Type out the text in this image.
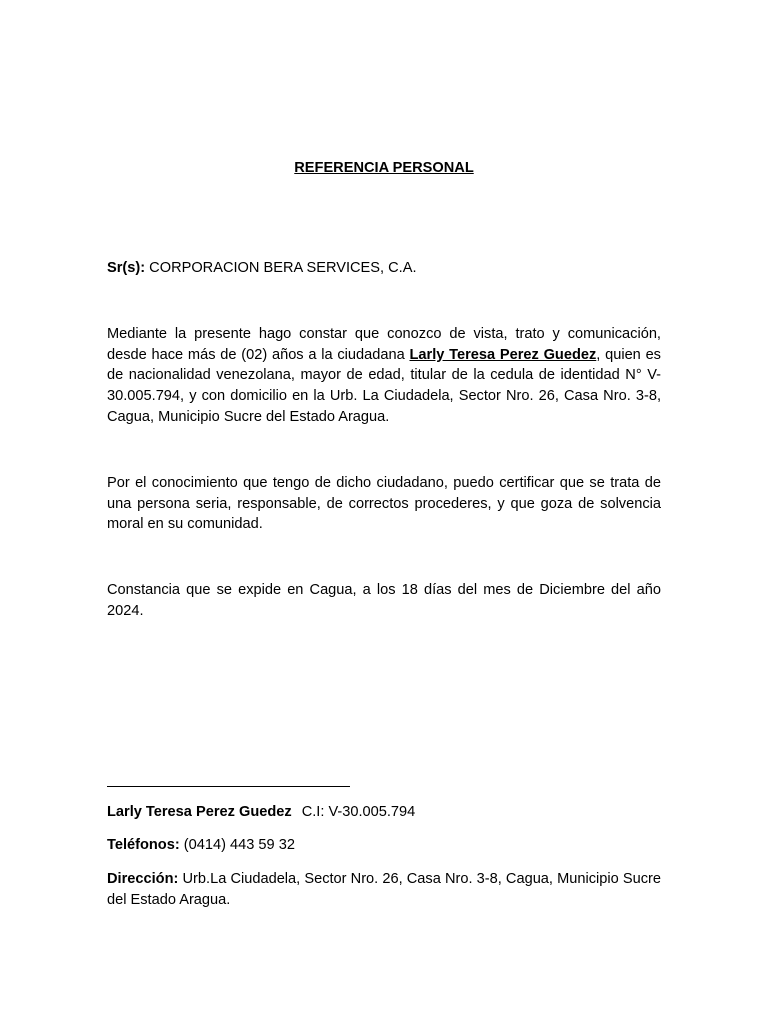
REFERENCIA PERSONAL

Sr(s): CORPORACION BERA SERVICES, C.A.

Mediante la presente hago constar que conozco de vista, trato y comunicación, desde hace más de (02) años a la ciudadana Larly Teresa Perez Guedez, quien es de nacionalidad venezolana, mayor de edad, titular de la cedula de identidad N° V-30.005.794, y con domicilio en la Urb. La Ciudadela, Sector Nro. 26, Casa Nro. 3-8, Cagua, Municipio Sucre del Estado Aragua.

Por el conocimiento que tengo de dicho ciudadano, puedo certificar que se trata de una persona seria, responsable, de correctos procederes, y que goza de solvencia moral en su comunidad.

Constancia que se expide en Cagua, a los 18 días del mes de Diciembre del año 2024.

Larly Teresa Perez Guedez C.I: V-30.005.794

Teléfonos: (0414) 443 59 32

Dirección: Urb.La Ciudadela, Sector Nro. 26, Casa Nro. 3-8, Cagua, Municipio Sucre del Estado Aragua.
